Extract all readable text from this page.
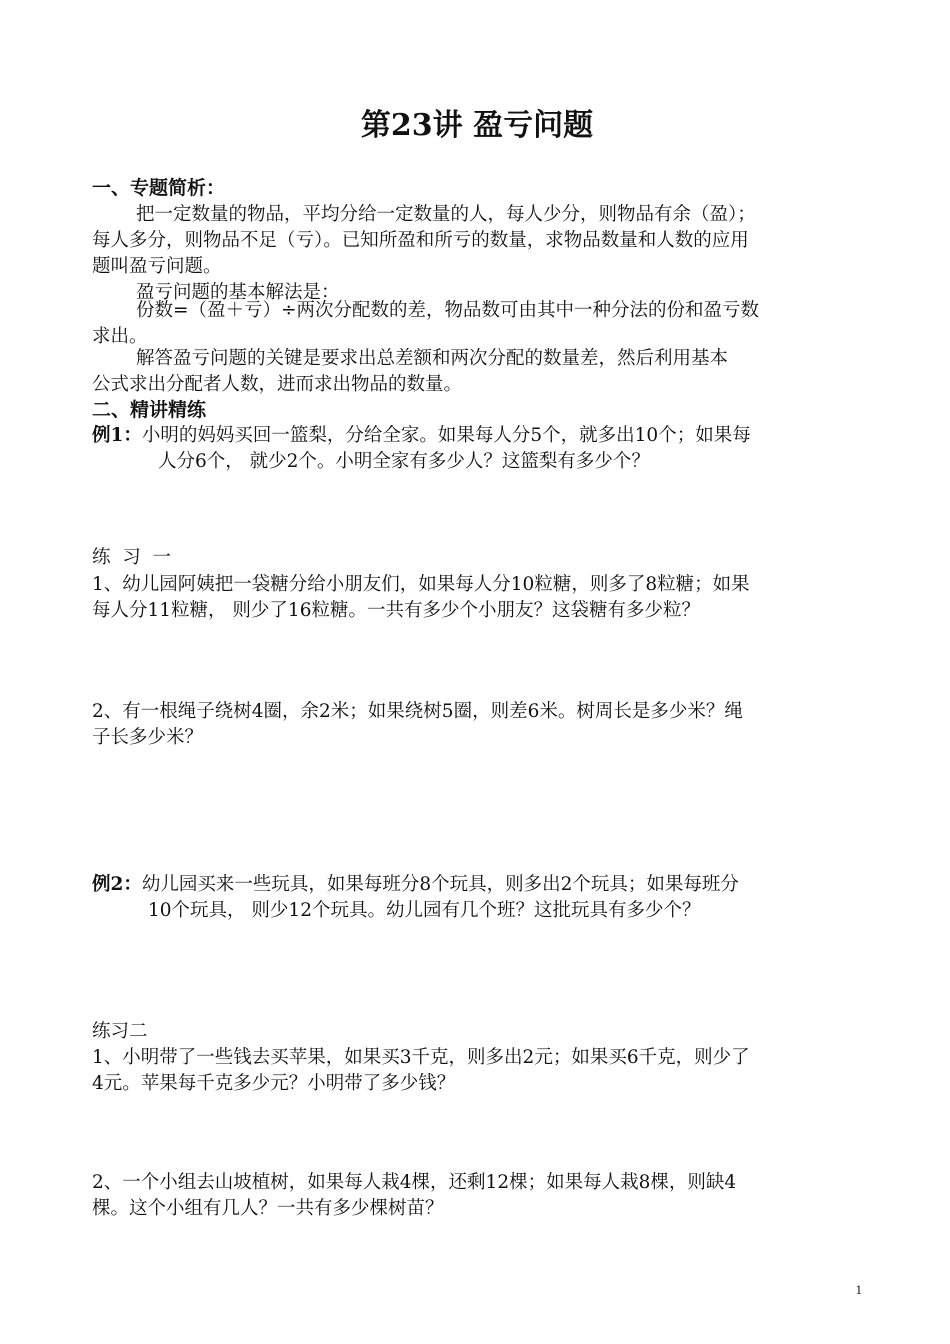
第23讲 盈亏问题
一、专题简析：
把一定数量的物品，平均分给一定数量的人，每人少分，则物品有余（盈）；
每人多分，则物品不足（亏）。已知所盈和所亏的数量，求物品数量和人数的应用
题叫盈亏问题。
盈亏问题的基本解法是：
份数=（盈＋亏）÷两次分配数的差，物品数可由其中一种分法的份和盈亏数
求出。
解答盈亏问题的关键是要求出总差额和两次分配的数量差，然后利用基本
公式求出分配者人数，进而求出物品的数量。
二、精讲精练
例1：小明的妈妈买回一篮梨，分给全家。如果每人分5个，就多出10个；如果每
人分6个， 就少2个。小明全家有多少人？这篮梨有多少个？
练  习  一
1、幼儿园阿姨把一袋糖分给小朋友们，如果每人分10粒糖，则多了8粒糖；如果
每人分11粒糖， 则少了16粒糖。一共有多少个小朋友？这袋糖有多少粒？
2、有一根绳子绕树4圈，余2米；如果绕树5圈，则差6米。树周长是多少米？绳
子长多少米？
例2：幼儿园买来一些玩具，如果每班分8个玩具，则多出2个玩具；如果每班分
10个玩具， 则少12个玩具。幼儿园有几个班？这批玩具有多少个？
练习二
1、小明带了一些钱去买苹果，如果买3千克，则多出2元；如果买6千克，则少了
4元。苹果每千克多少元？小明带了多少钱？
2、一个小组去山坡植树，如果每人栽4棵，还剩12棵；如果每人栽8棵，则缺4
棵。这个小组有几人？一共有多少棵树苗？
1
